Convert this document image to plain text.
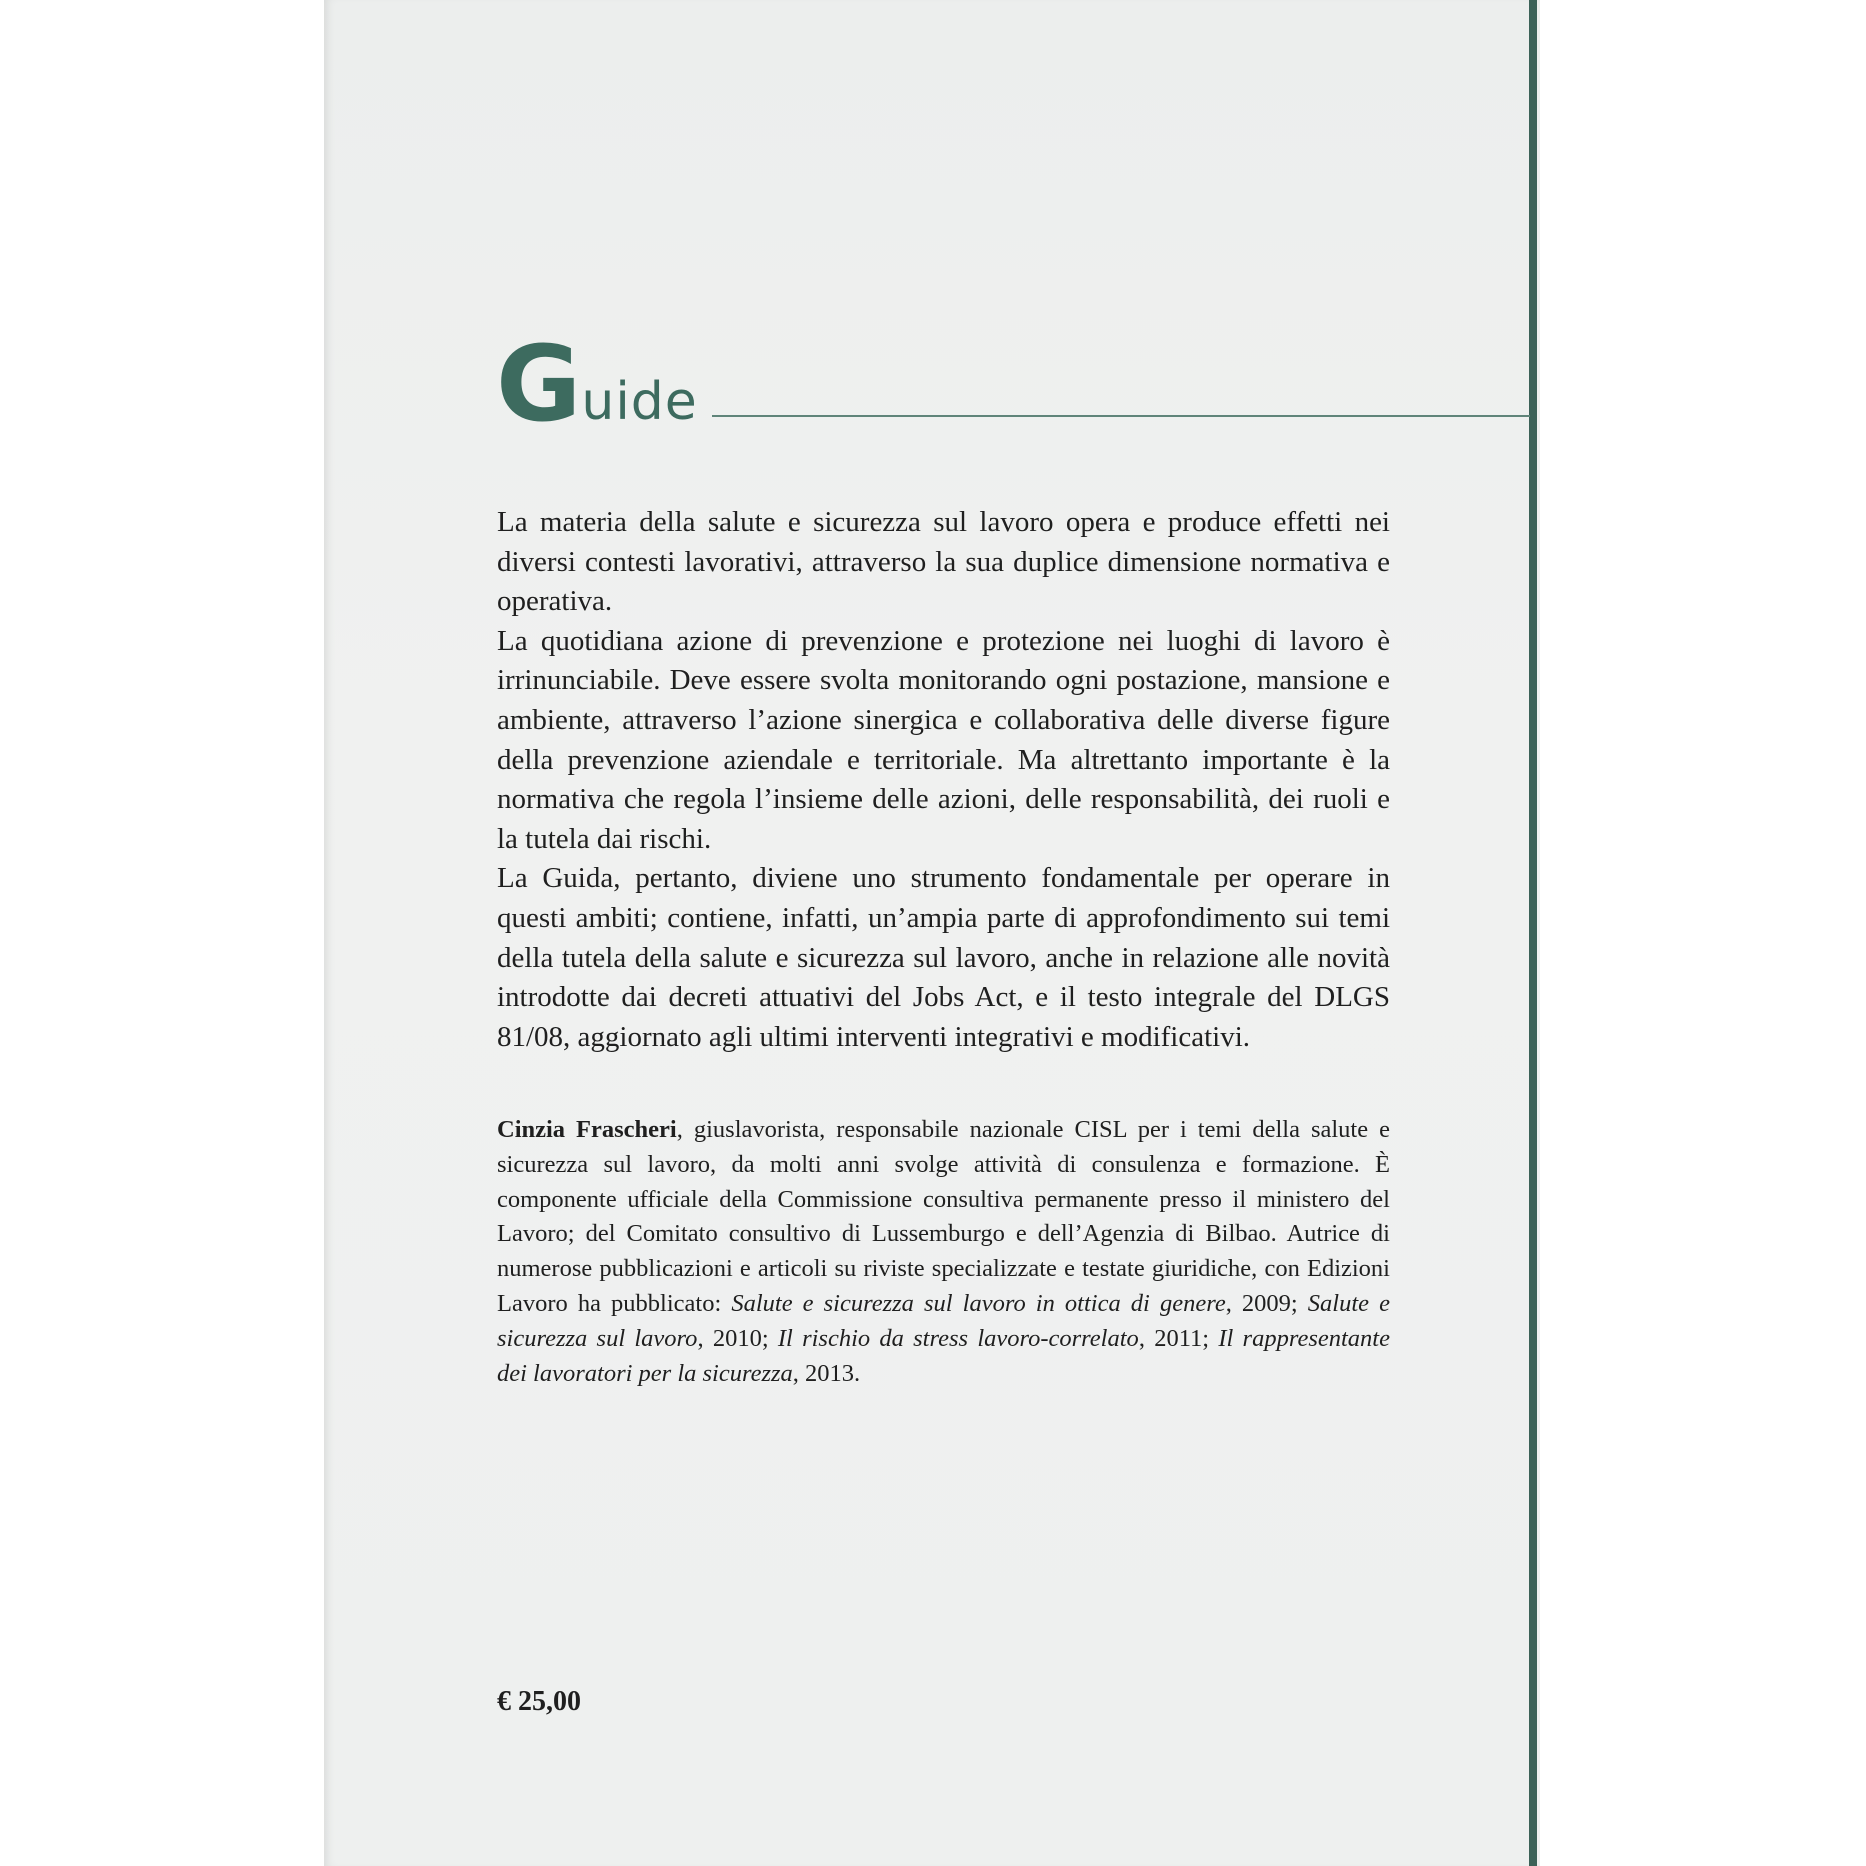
G uide

La materia della salute e sicurezza sul lavoro opera e produce effetti nei diversi contesti lavorativi, attraverso la sua duplice dimensione normativa e operativa.

La quotidiana azione di prevenzione e protezione nei luoghi di lavoro è irrinunciabile. Deve essere svolta monitorando ogni postazione, mansione e ambiente, attraverso l’azione sinergica e collaborativa delle diverse figure della prevenzione aziendale e territoriale. Ma altrettanto importante è la normativa che regola l’insieme delle azioni, delle responsabilità, dei ruoli e la tutela dai rischi.

La Guida, pertanto, diviene uno strumento fondamentale per operare in questi ambiti; contiene, infatti, un’ampia parte di approfondimento sui temi della tutela della salute e sicurezza sul lavoro, anche in relazione alle novità introdotte dai decreti attuativi del Jobs Act, e il testo integrale del DLGS 81/08, aggiornato agli ultimi interventi integrativi e modificativi.

Cinzia Frascheri, giuslavorista, responsabile nazionale CISL per i temi della salute e sicurezza sul lavoro, da molti anni svolge attività di consulenza e formazione. È componente ufficiale della Commissione consultiva permanente presso il ministero del Lavoro; del Comitato consultivo di Lussemburgo e dell’Agenzia di Bilbao. Autrice di numerose pubblicazioni e articoli su riviste specializzate e testate giuridiche, con Edizioni Lavoro ha pubblicato: Salute e sicurezza sul lavoro in ottica di genere, 2009; Salute e sicurezza sul lavoro, 2010; Il rischio da stress lavoro-correlato, 2011; Il rappresentante dei lavoratori per la sicurezza, 2013.

€ 25,00
